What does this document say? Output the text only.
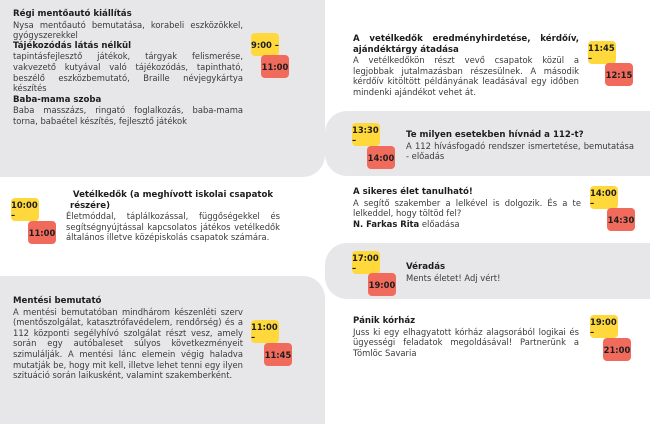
Régi mentőautó kiállítás

Nysa mentőautó bemutatása, korabeli eszközökkel, gyógyszerekkel

Tájékozódás látás nélkül

tapintásfejlesztő játékok, tárgyak felismerése, vakvezető kutyával való tájékozódás, tapintható, beszélő eszközbemutató, Braille névjegykártya készítés

Baba-mama szoba

Baba masszázs, ringató foglalkozás, baba-mama torna, babaétel készítés, fejlesztő játékok

9:00 –
11:00
10:00 –
11:00

Vetélkedők (a meghívott iskolai csapatok részére)

Életmóddal, táplálkozással, függőségekkel és segítségnyújtással kapcsolatos játékos vetélkedők általános illetve középiskolás csapatok számára.

Mentési bemutató

A mentési bemutatóban mindhárom készenléti szerv (mentőszolgálat, katasztrófavédelem, rendőrség) és a 112 központi segélyhívó szolgálat részt vesz, amely során egy autóbaleset súlyos következményeit szimulálják. A mentési lánc elemein végig haladva mutatják be, hogy mit kell, illetve lehet tenni egy ilyen szituáció során laikusként, valamint szakemberként.

11:00 –
11:45

A vetélkedők eredményhirdetése, kérdőív, ajándéktárgy átadása

A vetélkedőkön részt vevő csapatok közül a legjobbak jutalmazásban részesülnek. A második kérdőív kitöltött példányának leadásával egy időben mindenki ajándékot vehet át.

11:45 –
12:15
13:30 –
14:00

Te milyen esetekben hívnád a 112-t?

A 112 hívásfogadó rendszer ismertetése, bemutatása - előadás

A sikeres élet tanulható!

A segítő szakember a lelkével is dolgozik. És a te lelkeddel, hogy töltöd fel?

N. Farkas Rita előadása

14:00 –
14:30
17:00 –
19:00

Véradás

Ments életet! Adj vért!

Pánik kórház

Juss ki egy elhagyatott kórház alagsorából logikai és ügyességi feladatok megoldásával! Partnerünk a Tömlöc Savaria

19:00 –
21:00
